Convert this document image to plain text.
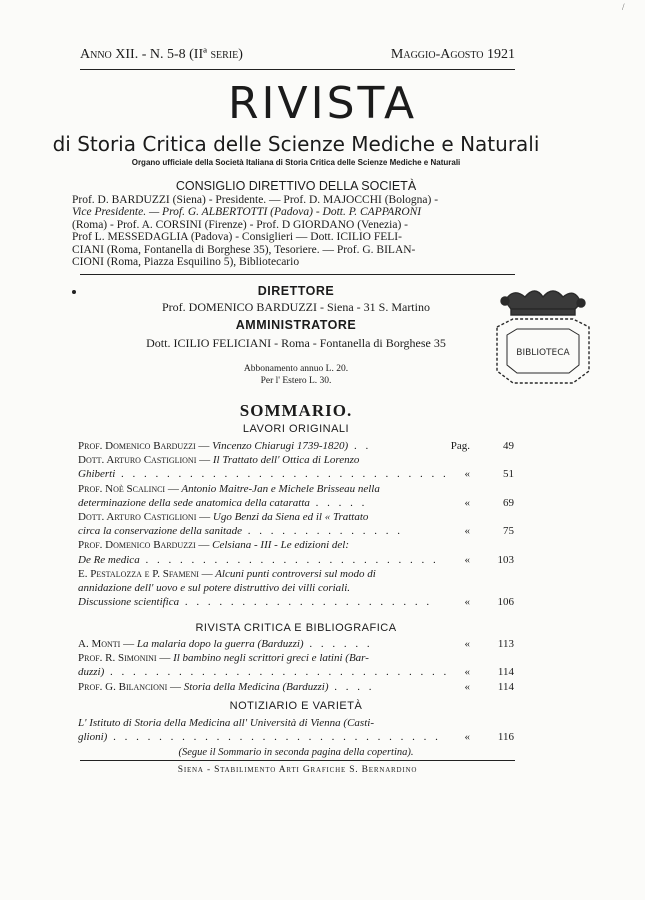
Anno XII. - N. 5-8 (IIª serie)	Maggio-Agosto 1921
RIVISTA
di Storia Critica delle Scienze Mediche e Naturali
Organo ufficiale della Società Italiana di Storia Critica delle Scienze Mediche e Naturali
CONSIGLIO DIRETTIVO DELLA SOCIETÀ
Prof. D. BARDUZZI (Siena) - Presidente. — Prof. D. MAJOCCHI (Bologna) -
Vice Presidente. — Prof. G. ALBERTOTTI (Padova) - Dott. P. CAPPARONI
(Roma) - Prof. A. CORSINI (Firenze) - Prof. D GIORDANO (Venezia) -
Prof L. MESSEDAGLIA (Padova) - Consiglieri — Dott. ICILIO FELI-
CIANI (Roma, Fontanella di Borghese 35), Tesoriere. — Prof. G. BILAN-
CIONI (Roma, Piazza Esquilino 5), Bibliotecario
DIRETTORE
Prof. DOMENICO BARDUZZI - Siena - 31 S. Martino
AMMINISTRATORE
Dott. ICILIO FELICIANI - Roma - Fontanella di Borghese 35
Abbonamento annuo L. 20.
Per l' Estero L. 30.
SOMMARIO.
LAVORI ORIGINALI
Prof. Domenico Barduzzi — Vincenzo Chiarugi 1739-1820) . .	Pag.	49
Dott. Arturo Castiglioni — Il Trattato dell' Ottica di Lorenzo
Ghiberti . . . . . . . . . . . . . . . . . . . . . . . . . . . . .	«	51
Prof. Noè Scalinci — Antonio Maitre-Jan e Michele Brisseau nella
determinazione della sede anatomica della cataratta . . . . .	«	69
Dott. Arturo Castiglioni — Ugo Benzi da Siena ed il « Trattato
circa la conservazione della sanitade . . . . . . . . . . . . . .	«	75
Prof. Domenico Barduzzi — Celsiana - III - Le edizioni del:
De Re medica . . . . . . . . . . . . . . . . . . . . . . . . . .	«	103
E. Pestalozza e P. Sfameni — Alcuni punti controversi sul modo di
annidazione dell' uovo e sul potere distruttivo dei villi coriali.
Discussione scientifica . . . . . . . . . . . . . . . . . . . . . .	«	106
RIVISTA CRITICA E BIBLIOGRAFICA
A. Monti — La malaria dopo la guerra (Barduzzi) . . . . . .	«	113
Prof. R. Simonini — Il bambino negli scrittori greci e latini (Bar-
duzzi) . . . . . . . . . . . . . . . . . . . . . . . . . . . . . .	«	114
Prof. G. Bilancioni — Storia della Medicina (Barduzzi) . . . .	«	114
NOTIZIARIO E VARIETÀ
L' Istituto di Storia della Medicina all' Università di Vienna (Casti-
glioni) . . . . . . . . . . . . . . . . . . . . . . . . . . . . .	«	116
(Segue il Sommario in seconda pagina della copertina).
Siena - Stabilimento Arti Grafiche S. Bernardino
/
BIBLIOTECA
